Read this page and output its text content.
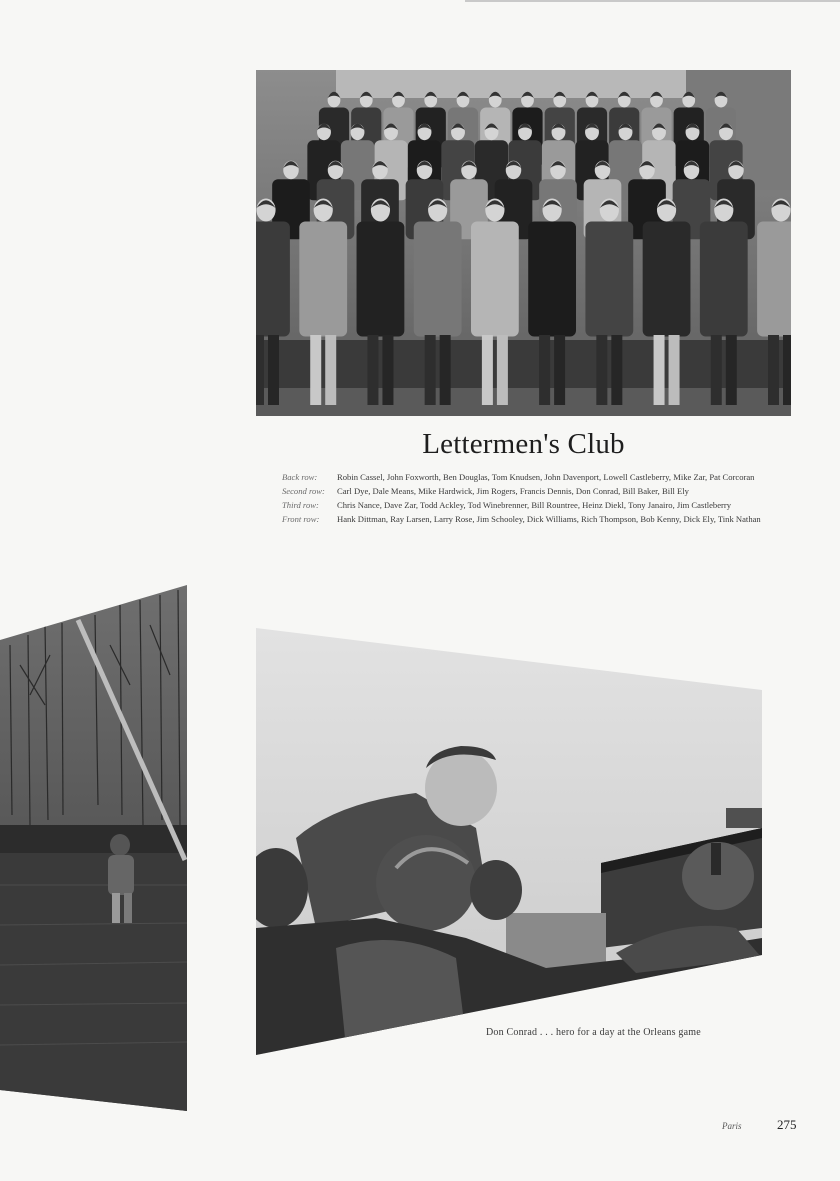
Lettermen's Club
Back row:	Robin Cassel, John Foxworth, Ben Douglas, Tom Knudsen, John Davenport, Lowell Castleberry, Mike Zar, Pat Corcoran
Second row:	Carl Dye, Dale Means, Mike Hardwick, Jim Rogers, Francis Dennis, Don Conrad, Bill Baker, Bill Ely
Third row:	Chris Nance, Dave Zar, Todd Ackley, Tod Winebrenner, Bill Rountree, Heinz Diekl, Tony Janairo, Jim Castleberry
Front row:	Hank Dittman, Ray Larsen, Larry Rose, Jim Schooley, Dick Williams, Rich Thompson, Bob Kenny, Dick Ely, Tink Nathan
Don Conrad . . . hero for a day at the Orleans game
Paris	275
